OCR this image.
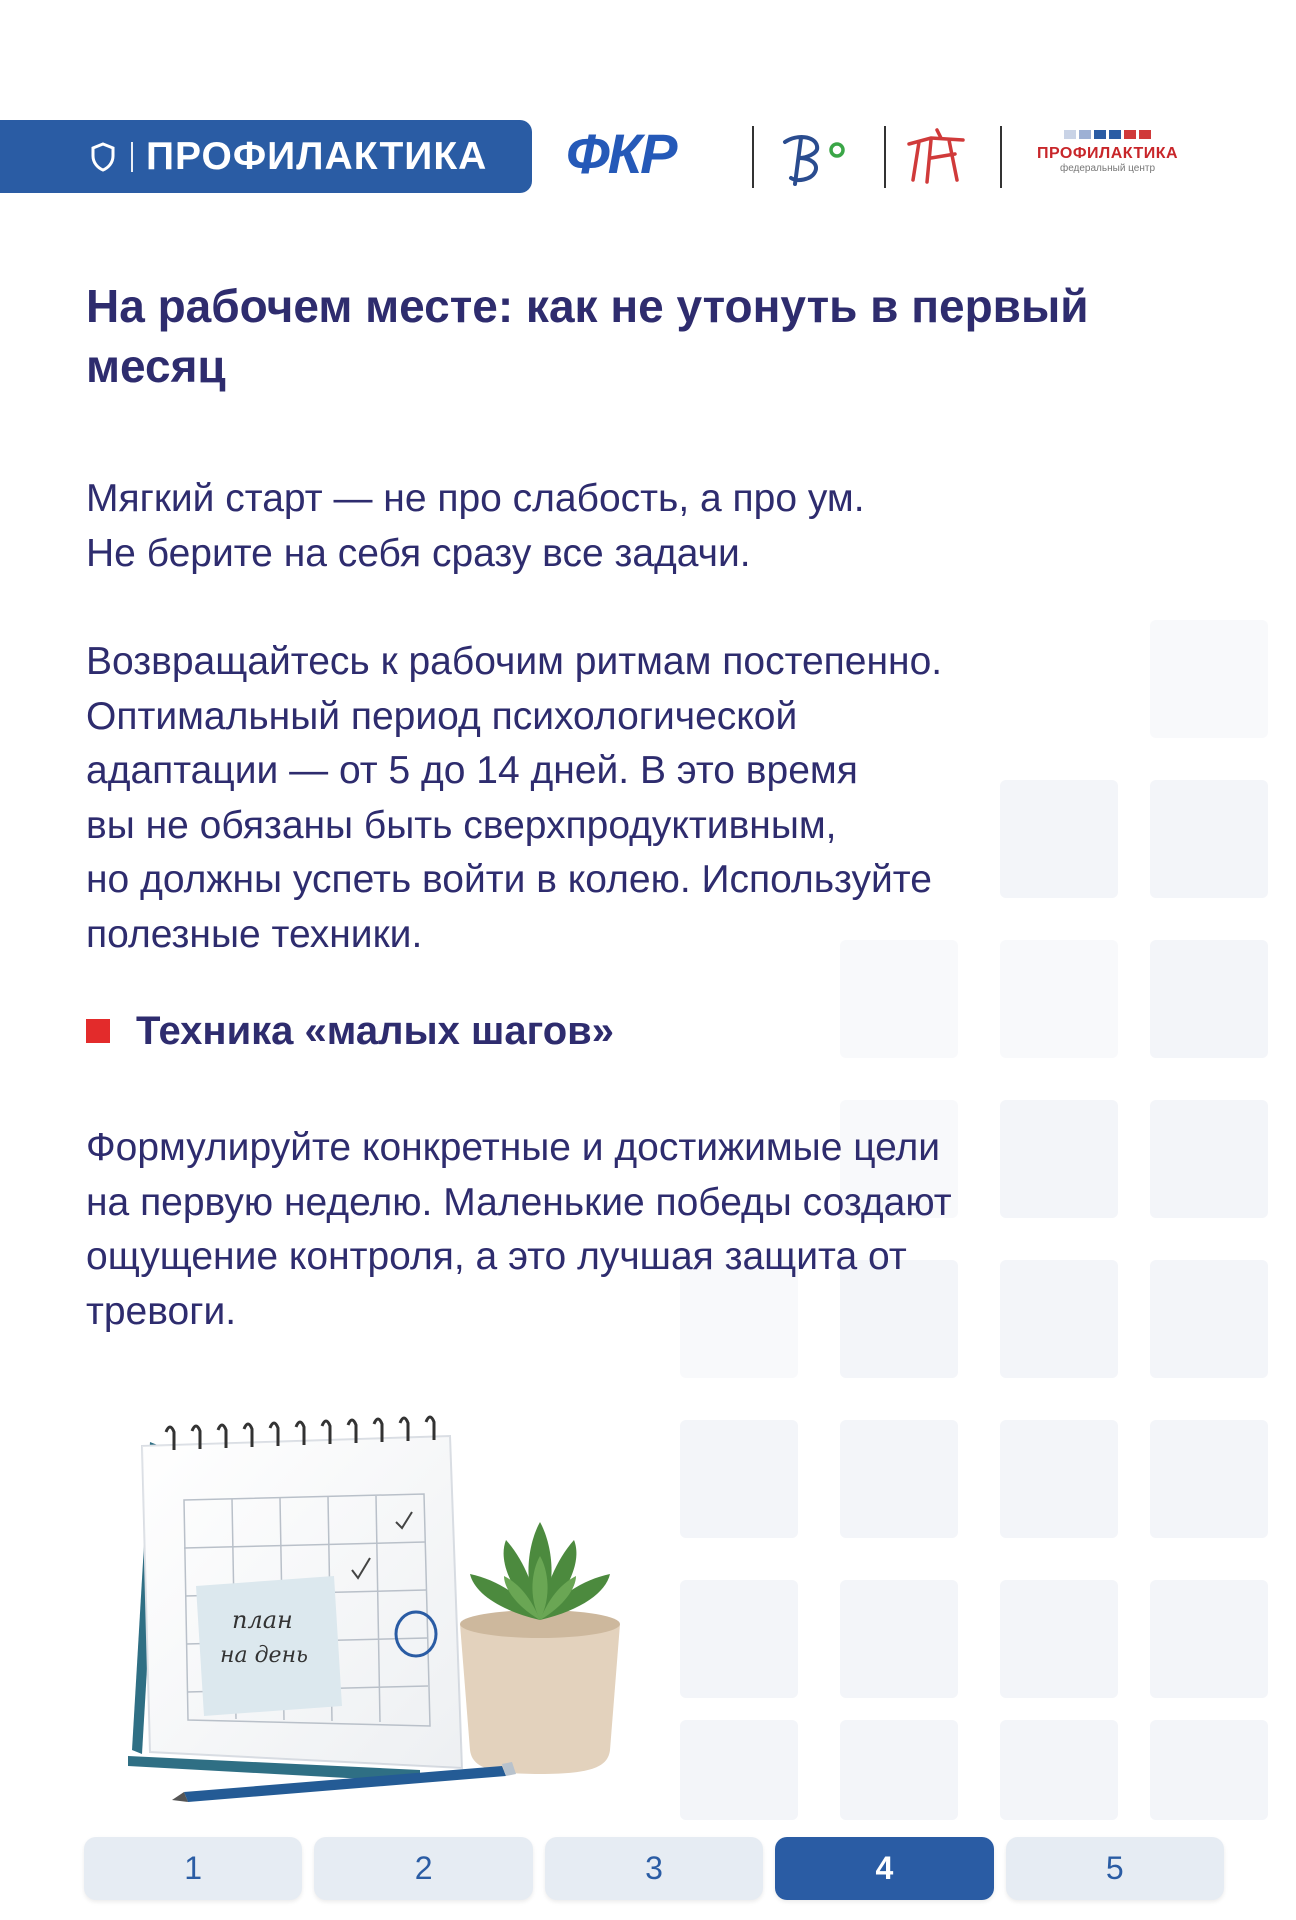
ПРОФИЛАКТИКА ФКР	ПРОФИЛАКТИКА
федеральный центр
На рабочем месте: как не утонуть в первый месяц

Мягкий старт — не про слабость, а про ум.
Не берите на себя сразу все задачи.

Возвращайтесь к рабочим ритмам постепенно.
Оптимальный период психологической
адаптации — от 5 до 14 дней. В это время
вы не обязаны быть сверхпродуктивным,
но должны успеть войти в колею. Используйте
полезные техники.

Техника «малых шагов»

Формулируйте конкретные и достижимые цели
на первую неделю. Маленькие победы создают
ощущение контроля, а это лучшая защита от
тревоги.

план
на день
1	2	3	4	5
